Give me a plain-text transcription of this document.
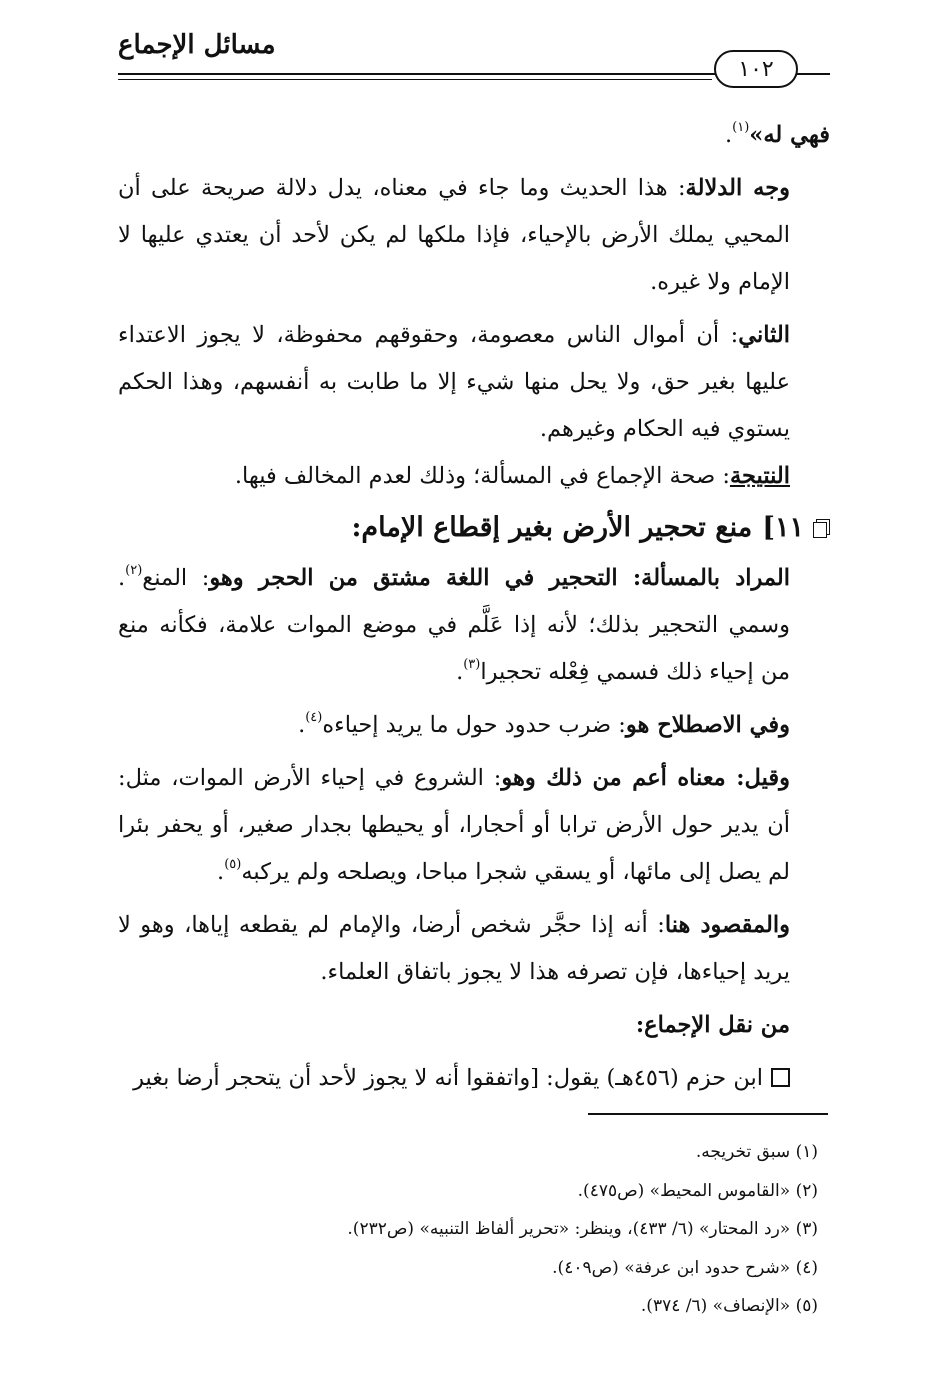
مسائل الإجماع
١٠٢

فهي له»$^{(١)}$.

وجه الدلالة: هذا الحديث وما جاء في معناه، يدل دلالة صريحة على أن المحيي يملك الأرض بالإحياء، فإذا ملكها لم يكن لأحد أن يعتدي عليها لا الإمام ولا غيره.

الثاني: أن أموال الناس معصومة، وحقوقهم محفوظة، لا يجوز الاعتداء عليها بغير حق، ولا يحل منها شيء إلا ما طابت به أنفسهم، وهذا الحكم يستوي فيه الحكام وغيرهم.

النتيجة: صحة الإجماع في المسألة؛ وذلك لعدم المخالف فيها.

١١]
منع تحجير الأرض بغير إقطاع الإمام:

المراد بالمسألة: التحجير في اللغة مشتق من الحجر وهو: المنع$^{(٢)}$. وسمي التحجير بذلك؛ لأنه إذا عَلَّم في موضع الموات علامة، فكأنه منع من إحياء ذلك فسمي فِعْله تحجيرا$^{(٣)}$.

وفي الاصطلاح هو: ضرب حدود حول ما يريد إحياءه$^{(٤)}$.

وقيل: معناه أعم من ذلك وهو: الشروع في إحياء الأرض الموات، مثل: أن يدير حول الأرض ترابا أو أحجارا، أو يحيطها بجدار صغير، أو يحفر بئرا لم يصل إلى مائها، أو يسقي شجرا مباحا، ويصلحه ولم يركبه$^{(٥)}$.

والمقصود هنا: أنه إذا حجَّر شخص أرضا، والإمام لم يقطعه إياها، وهو لا يريد إحياءها، فإن تصرفه هذا لا يجوز باتفاق العلماء.

من نقل الإجماع:

ابن حزم (٤٥٦هـ) يقول: [واتفقوا أنه لا يجوز لأحد أن يتحجر أرضا بغير

(١) سبق تخريجه.
(٢) «القاموس المحيط» (ص٤٧٥).
(٣) «رد المحتار» (٦/ ٤٣٣)، وينظر: «تحرير ألفاظ التنبيه» (ص٢٣٢).
(٤) «شرح حدود ابن عرفة» (ص٤٠٩).
(٥) «الإنصاف» (٦/ ٣٧٤).
